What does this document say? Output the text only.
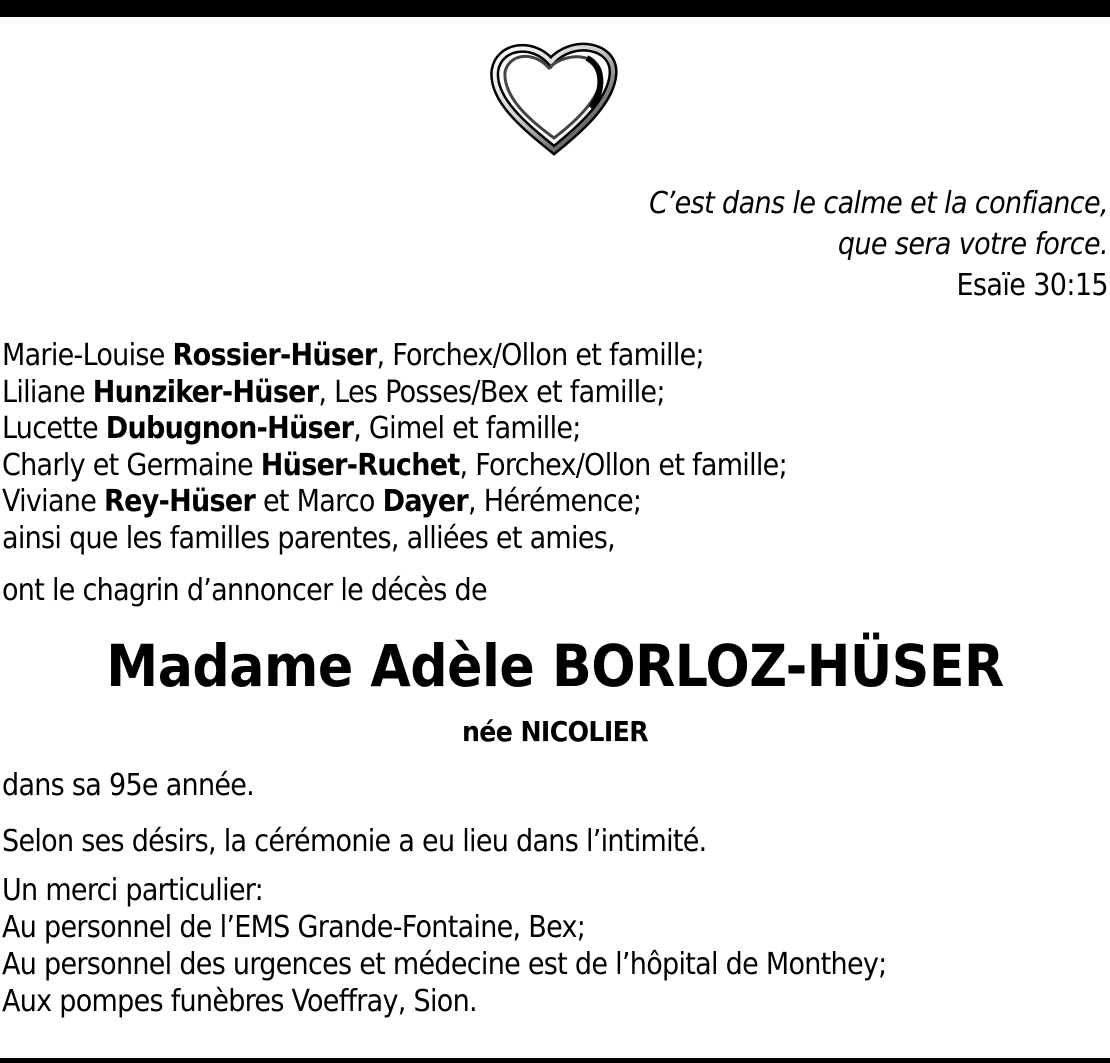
C’est dans le calme et la confiance,
que sera votre force.
Esaïe 30:15
Marie-Louise Rossier-Hüser, Forchex/Ollon et famille;
Liliane Hunziker-Hüser, Les Posses/Bex et famille;
Lucette Dubugnon-Hüser, Gimel et famille;
Charly et Germaine Hüser-Ruchet, Forchex/Ollon et famille;
Viviane Rey-Hüser et Marco Dayer, Hérémence;
ainsi que les familles parentes, alliées et amies,
ont le chagrin d’annoncer le décès de
Madame Adèle BORLOZ-HÜSER
née NICOLIER
dans sa 95e année.
Selon ses désirs, la cérémonie a eu lieu dans l’intimité.
Un merci particulier:
Au personnel de l’EMS Grande-Fontaine, Bex;
Au personnel des urgences et médecine est de l’hôpital de Monthey;
Aux pompes funèbres Voeffray, Sion.
